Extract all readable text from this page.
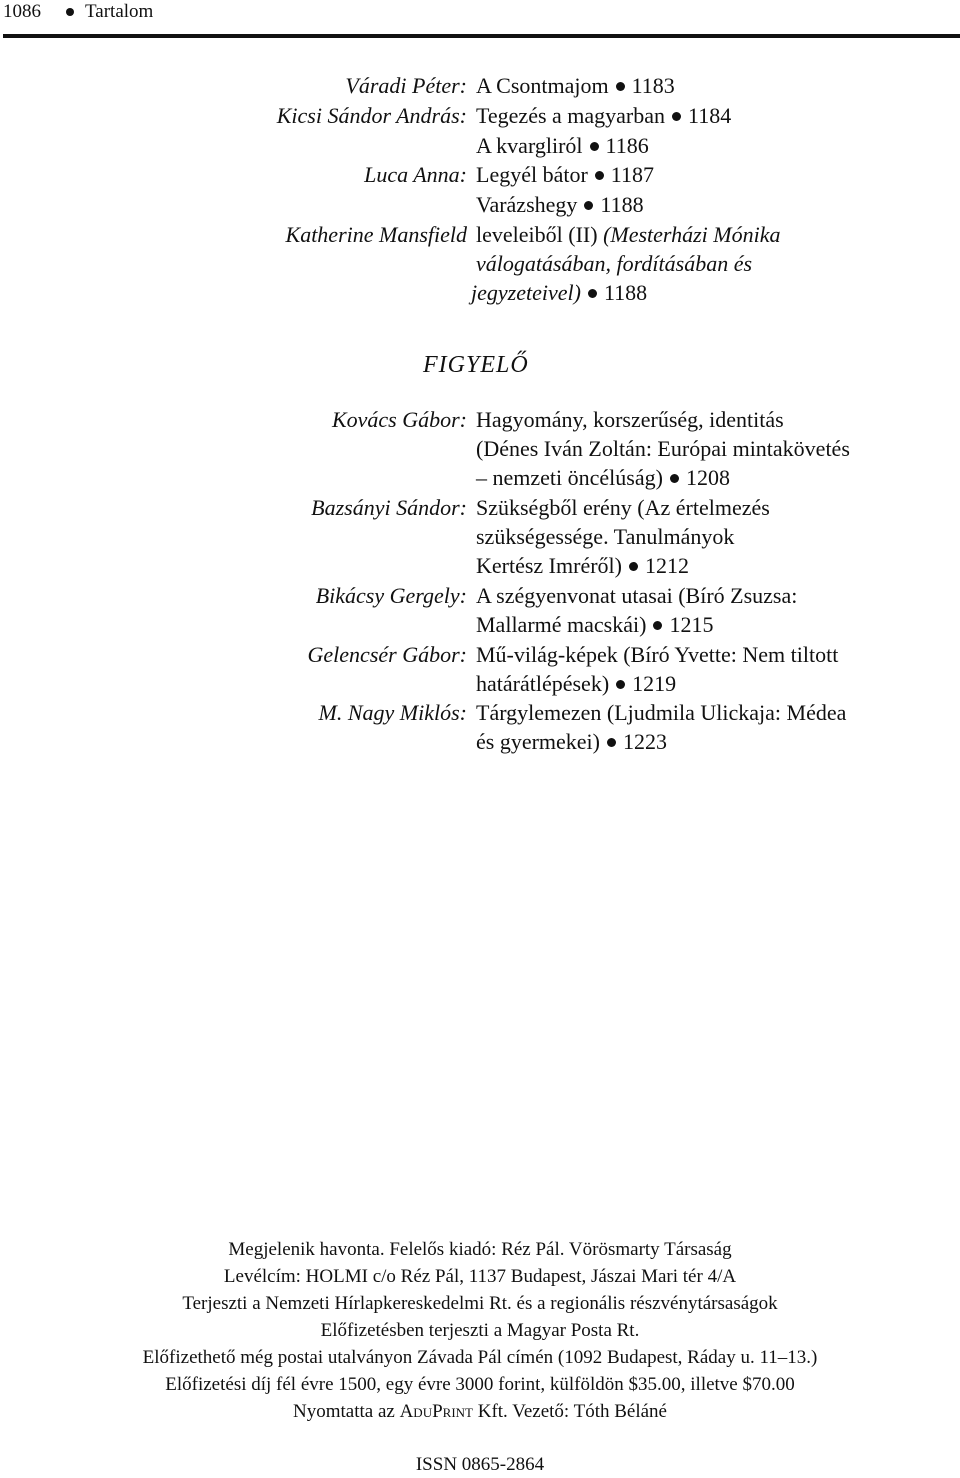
1086 Tartalom
Váradi Péter: A Csontmajom 1183
Kicsi Sándor András: Tegezés a magyarban 1184
A kvargliról 1186
Luca Anna: Legyél bátor 1187
Varázshegy 1188
Katherine Mansfield leveleiből (II) (Mesterházi Mónika
válogatásában, fordításában és
jegyzeteivel) 1188
FIGYELŐ
Kovács Gábor: Hagyomány, korszerűség, identitás
(Dénes Iván Zoltán: Európai mintakövetés
– nemzeti öncélúság) 1208
Bazsányi Sándor: Szükségből erény (Az értelmezés
szükségessége. Tanulmányok
Kertész Imréről) 1212
Bikácsy Gergely: A szégyenvonat utasai (Bíró Zsuzsa:
Mallarmé macskái) 1215
Gelencsér Gábor: Mű-világ-képek (Bíró Yvette: Nem tiltott
határátlépések) 1219
M. Nagy Miklós: Tárgylemezen (Ljudmila Ulickaja: Médea
és gyermekei) 1223
Megjelenik havonta. Felelős kiadó: Réz Pál. Vörösmarty Társaság
Levélcím: HOLMI c/o Réz Pál, 1137 Budapest, Jászai Mari tér 4/A
Terjeszti a Nemzeti Hírlapkereskedelmi Rt. és a regionális részvénytársaságok
Előfizetésben terjeszti a Magyar Posta Rt.
Előfizethető még postai utalványon Závada Pál címén (1092 Budapest, Ráday u. 11–13.)
Előfizetési díj fél évre 1500, egy évre 3000 forint, külföldön $35.00, illetve $70.00
Nyomtatta az AduPrint Kft. Vezető: Tóth Béláné
ISSN 0865-2864
